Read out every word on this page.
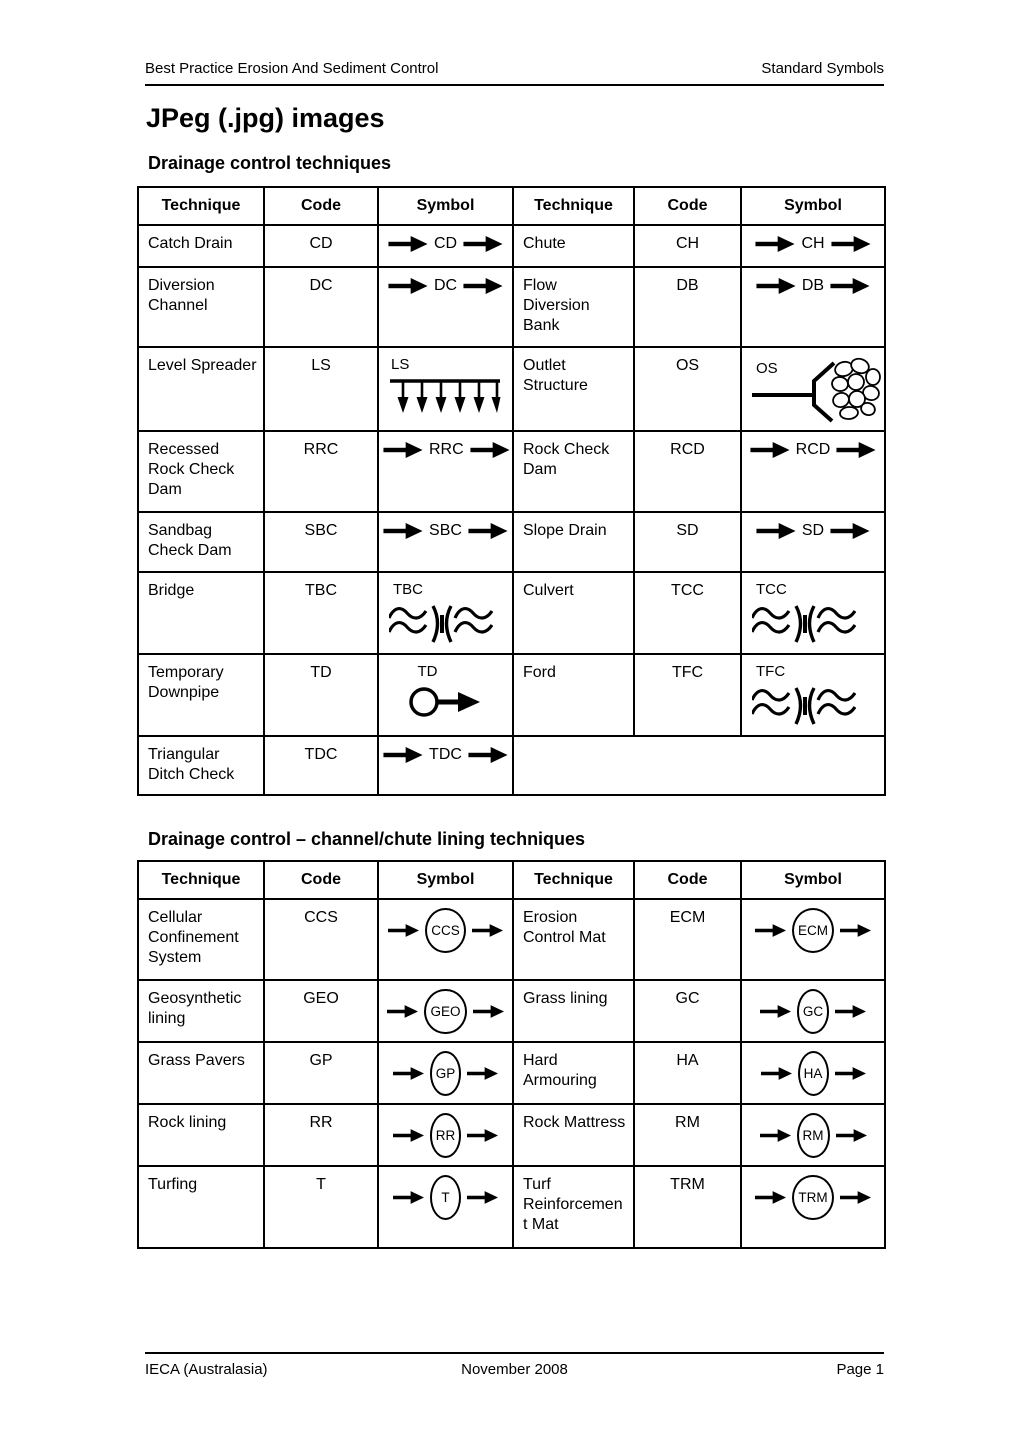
Best Practice Erosion And Sediment Control	Standard Symbols
JPeg (.jpg) images
Drainage control techniques
Technique	Code	Symbol	Technique	Code	Symbol
Catch Drain	CD	CD	Chute	CH	CH

Diversion Channel	DC	DC	Flow Diversion Bank	DB	DB

Level Spreader	LS	LS	Outlet Structure	OS	OS

Recessed Rock Check Dam	RRC	RRC	Rock Check Dam	RCD	RCD

Sandbag Check Dam	SBC	SBC	Slope Drain	SD	SD

Bridge	TBC	TBC	Culvert	TCC	TCC

Temporary Downpipe	TD	TD	Ford	TFC	TFC

Triangular Ditch Check	TDC	TDC			

Drainage control – channel/chute lining techniques
Technique	Code	Symbol	Technique	Code	Symbol
Cellular Confinement System	CCS	CCS	Erosion Control Mat	ECM	ECM

Geosynthetic lining	GEO	GEO	Grass lining	GC	GC

Grass Pavers	GP	GP	Hard Armouring	HA	HA

Rock lining	RR	RR	Rock Mattress	RM	RM

Turfing	T	T	Turf Reinforcement Mat	TRM	TRM
IECA (Australasia)	November 2008	Page 1
